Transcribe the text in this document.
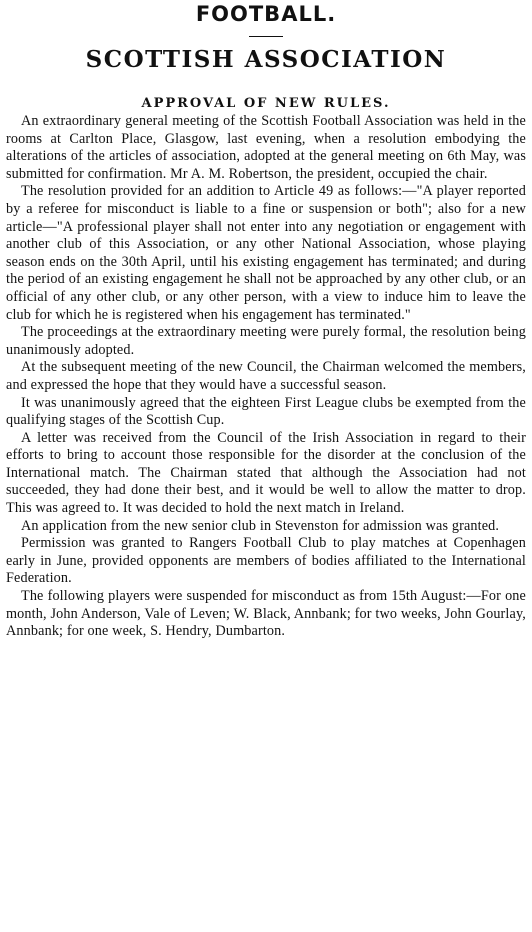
FOOTBALL.
SCOTTISH ASSOCIATION
APPROVAL OF NEW RULES.

An extraordinary general meeting of the Scottish Football Association was held in the rooms at Carlton Place, Glasgow, last evening, when a resolution embodying the alterations of the articles of association, adopted at the general meeting on 6th May, was submitted for confirmation. Mr A. M. Robertson, the president, occupied the chair.

The resolution provided for an addition to Article 49 as follows:—"A player reported by a referee for misconduct is liable to a fine or suspension or both"; also for a new article—"A professional player shall not enter into any negotiation or engagement with another club of this Association, or any other National Association, whose playing season ends on the 30th April, until his existing engagement has terminated; and during the period of an existing engagement he shall not be approached by any other club, or an official of any other club, or any other person, with a view to induce him to leave the club for which he is registered when his engagement has terminated."

The proceedings at the extraordinary meeting were purely formal, the resolution being unanimously adopted.

At the subsequent meeting of the new Council, the Chairman welcomed the members, and expressed the hope that they would have a successful season.

It was unanimously agreed that the eighteen First League clubs be exempted from the qualifying stages of the Scottish Cup.

A letter was received from the Council of the Irish Association in regard to their efforts to bring to account those responsible for the disorder at the conclusion of the International match. The Chairman stated that although the Association had not succeeded, they had done their best, and it would be well to allow the matter to drop. This was agreed to. It was decided to hold the next match in Ireland.

An application from the new senior club in Stevenston for admission was granted.

Permission was granted to Rangers Football Club to play matches at Copenhagen early in June, provided opponents are members of bodies affiliated to the International Federation.

The following players were suspended for misconduct as from 15th August:—For one month, John Anderson, Vale of Leven; W. Black, Annbank; for two weeks, John Gourlay, Annbank; for one week, S. Hendry, Dumbarton.
